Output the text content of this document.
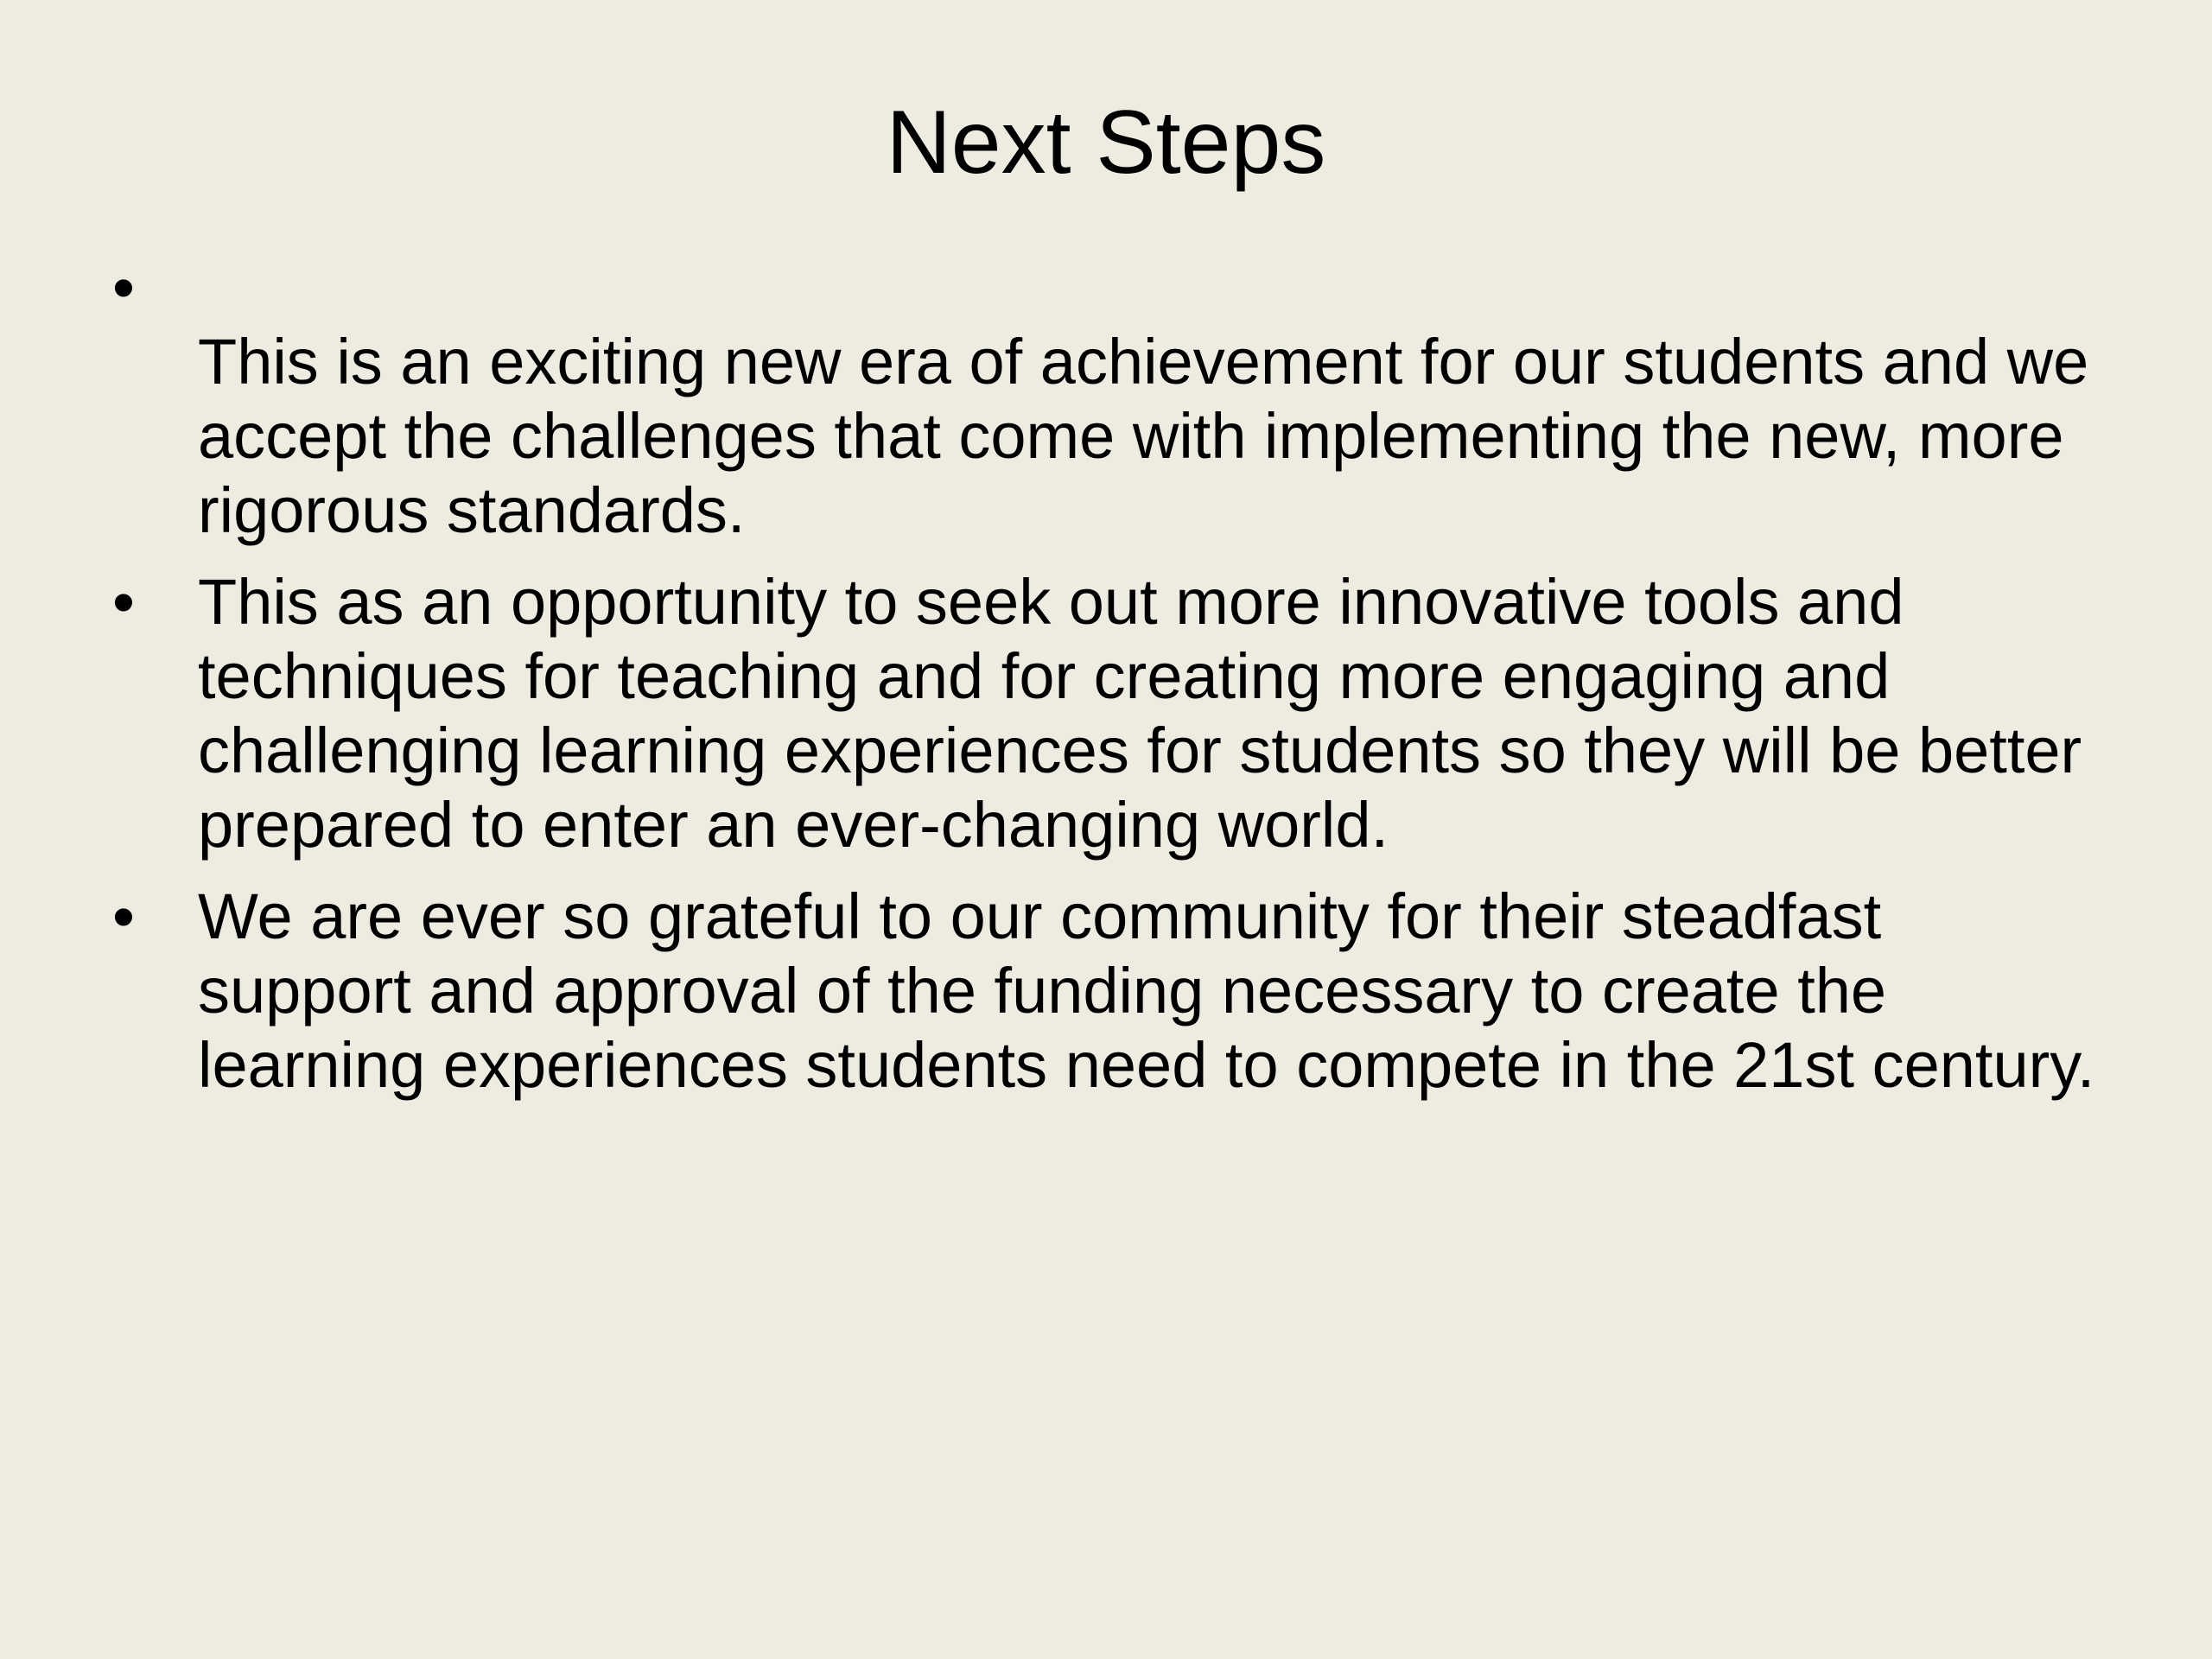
Next Steps
•
This is an exciting new era of achievement for our students and we accept the challenges that come with implementing the new, more rigorous standards.
• This as an opportunity to seek out more innovative tools and techniques for teaching and for creating more engaging and challenging learning experiences for students so they will be better prepared to enter an ever-changing world.
• We are ever so grateful to our community for their steadfast support and approval of the funding necessary to create the learning experiences students need to compete in the 21st century.
